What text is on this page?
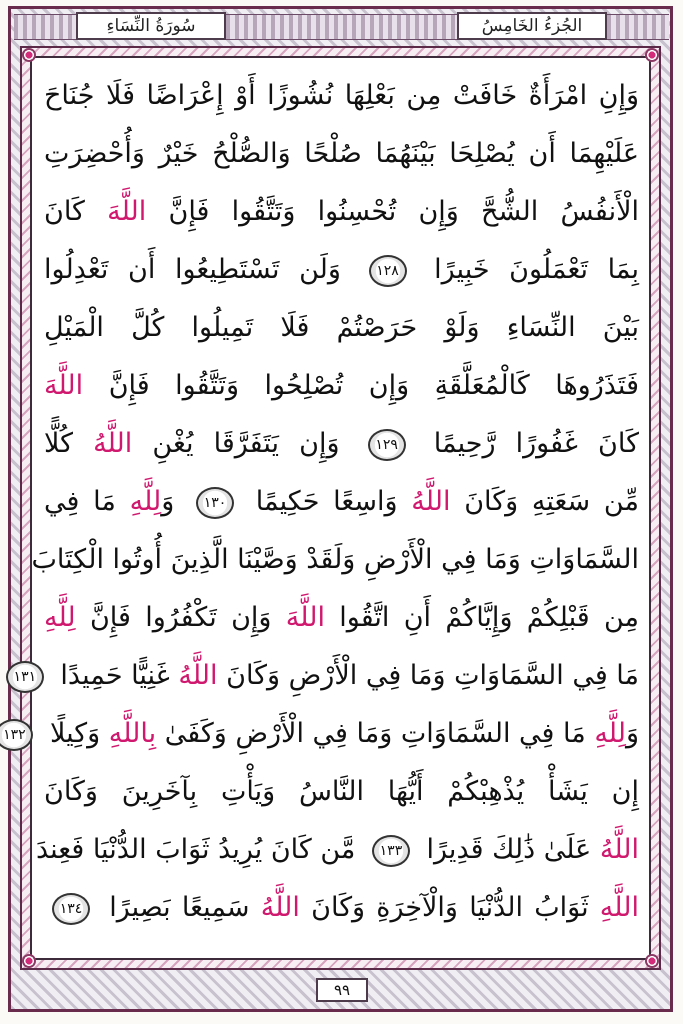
سُورَةُ النِّسَاءِ	الجُزءُ الخَامِسُ
وَإِنِ امْرَأَةٌ خَافَتْ مِن بَعْلِهَا نُشُوزًا أَوْ إِعْرَاضًا فَلَا جُنَاحَ
عَلَيْهِمَا أَن يُصْلِحَا بَيْنَهُمَا صُلْحًا وَالصُّلْحُ خَيْرٌ وَأُحْضِرَتِ
الْأَنفُسُ الشُّحَّ وَإِن تُحْسِنُوا وَتَتَّقُوا فَإِنَّ اللَّهَ كَانَ
بِمَا تَعْمَلُونَ خَبِيرًا ١٢٨ وَلَن تَسْتَطِيعُوا أَن تَعْدِلُوا
بَيْنَ النِّسَاءِ وَلَوْ حَرَصْتُمْ فَلَا تَمِيلُوا كُلَّ الْمَيْلِ
فَتَذَرُوهَا كَالْمُعَلَّقَةِ وَإِن تُصْلِحُوا وَتَتَّقُوا فَإِنَّ اللَّهَ
كَانَ غَفُورًا رَّحِيمًا ١٢٩ وَإِن يَتَفَرَّقَا يُغْنِ اللَّهُ كُلًّا
مِّن سَعَتِهِ وَكَانَ اللَّهُ وَاسِعًا حَكِيمًا ١٣٠ وَلِلَّهِ مَا فِي
السَّمَاوَاتِ وَمَا فِي الْأَرْضِ وَلَقَدْ وَصَّيْنَا الَّذِينَ أُوتُوا الْكِتَابَ
مِن قَبْلِكُمْ وَإِيَّاكُمْ أَنِ اتَّقُوا اللَّهَ وَإِن تَكْفُرُوا فَإِنَّ لِلَّهِ
مَا فِي السَّمَاوَاتِ وَمَا فِي الْأَرْضِ وَكَانَ اللَّهُ غَنِيًّا حَمِيدًا ١٣١
وَلِلَّهِ مَا فِي السَّمَاوَاتِ وَمَا فِي الْأَرْضِ وَكَفَىٰ بِاللَّهِ وَكِيلًا ١٣٢
إِن يَشَأْ يُذْهِبْكُمْ أَيُّهَا النَّاسُ وَيَأْتِ بِآخَرِينَ وَكَانَ
اللَّهُ عَلَىٰ ذَٰلِكَ قَدِيرًا ١٣٣ مَّن كَانَ يُرِيدُ ثَوَابَ الدُّنْيَا فَعِندَ
اللَّهِ ثَوَابُ الدُّنْيَا وَالْآخِرَةِ وَكَانَ اللَّهُ سَمِيعًا بَصِيرًا ١٣٤
٩٩
